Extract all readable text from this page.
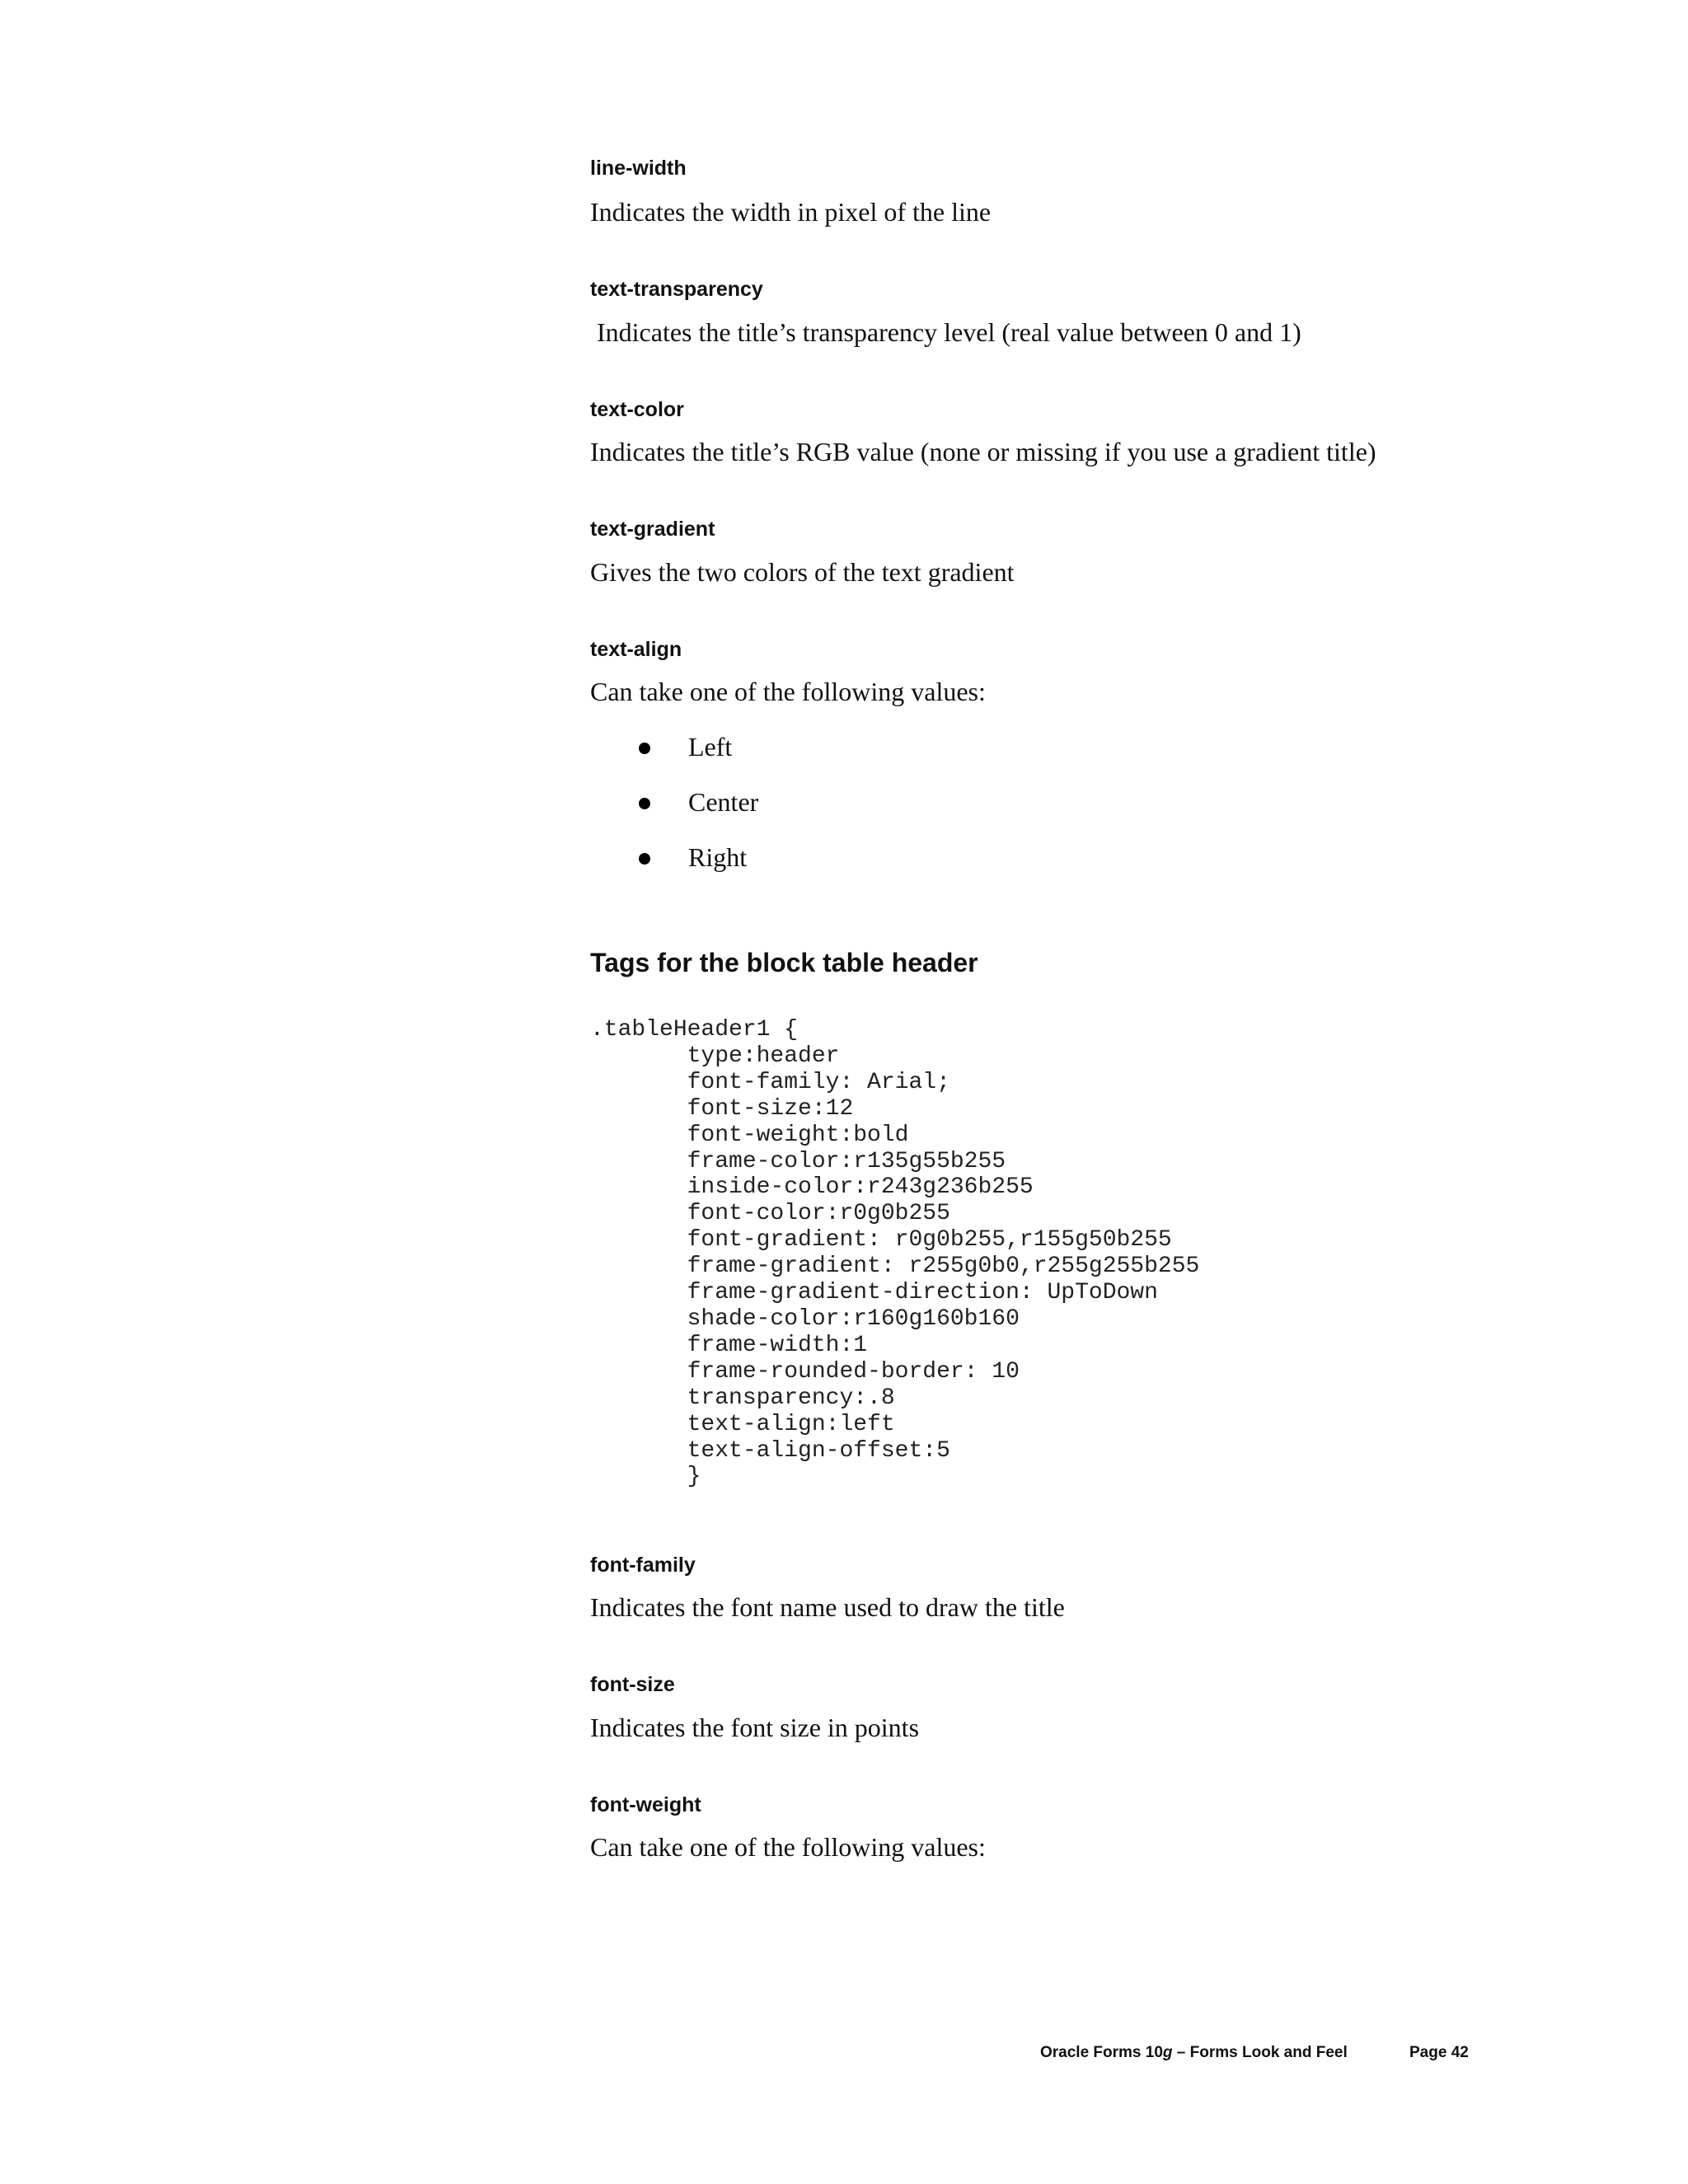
line-width
Indicates the width in pixel of the line
text-transparency
Indicates the title’s transparency level (real value between 0 and 1)
text-color
Indicates the title’s RGB value (none or missing if you use a gradient title)
text-gradient
Gives the two colors of the text gradient
text-align
Can take one of the following values:
Left
Center
Right
Tags for the block table header
.tableHeader1 {
type:header
font-family: Arial;
font-size:12
font-weight:bold
frame-color:r135g55b255
inside-color:r243g236b255
font-color:r0g0b255
font-gradient: r0g0b255,r155g50b255
frame-gradient: r255g0b0,r255g255b255
frame-gradient-direction: UpToDown
shade-color:r160g160b160
frame-width:1
frame-rounded-border: 10
transparency:.8
text-align:left
text-align-offset:5
}
font-family
Indicates the font name used to draw the title
font-size
Indicates the font size in points
font-weight
Can take one of the following values:
Oracle Forms 10g – Forms Look and Feel	Page 42
